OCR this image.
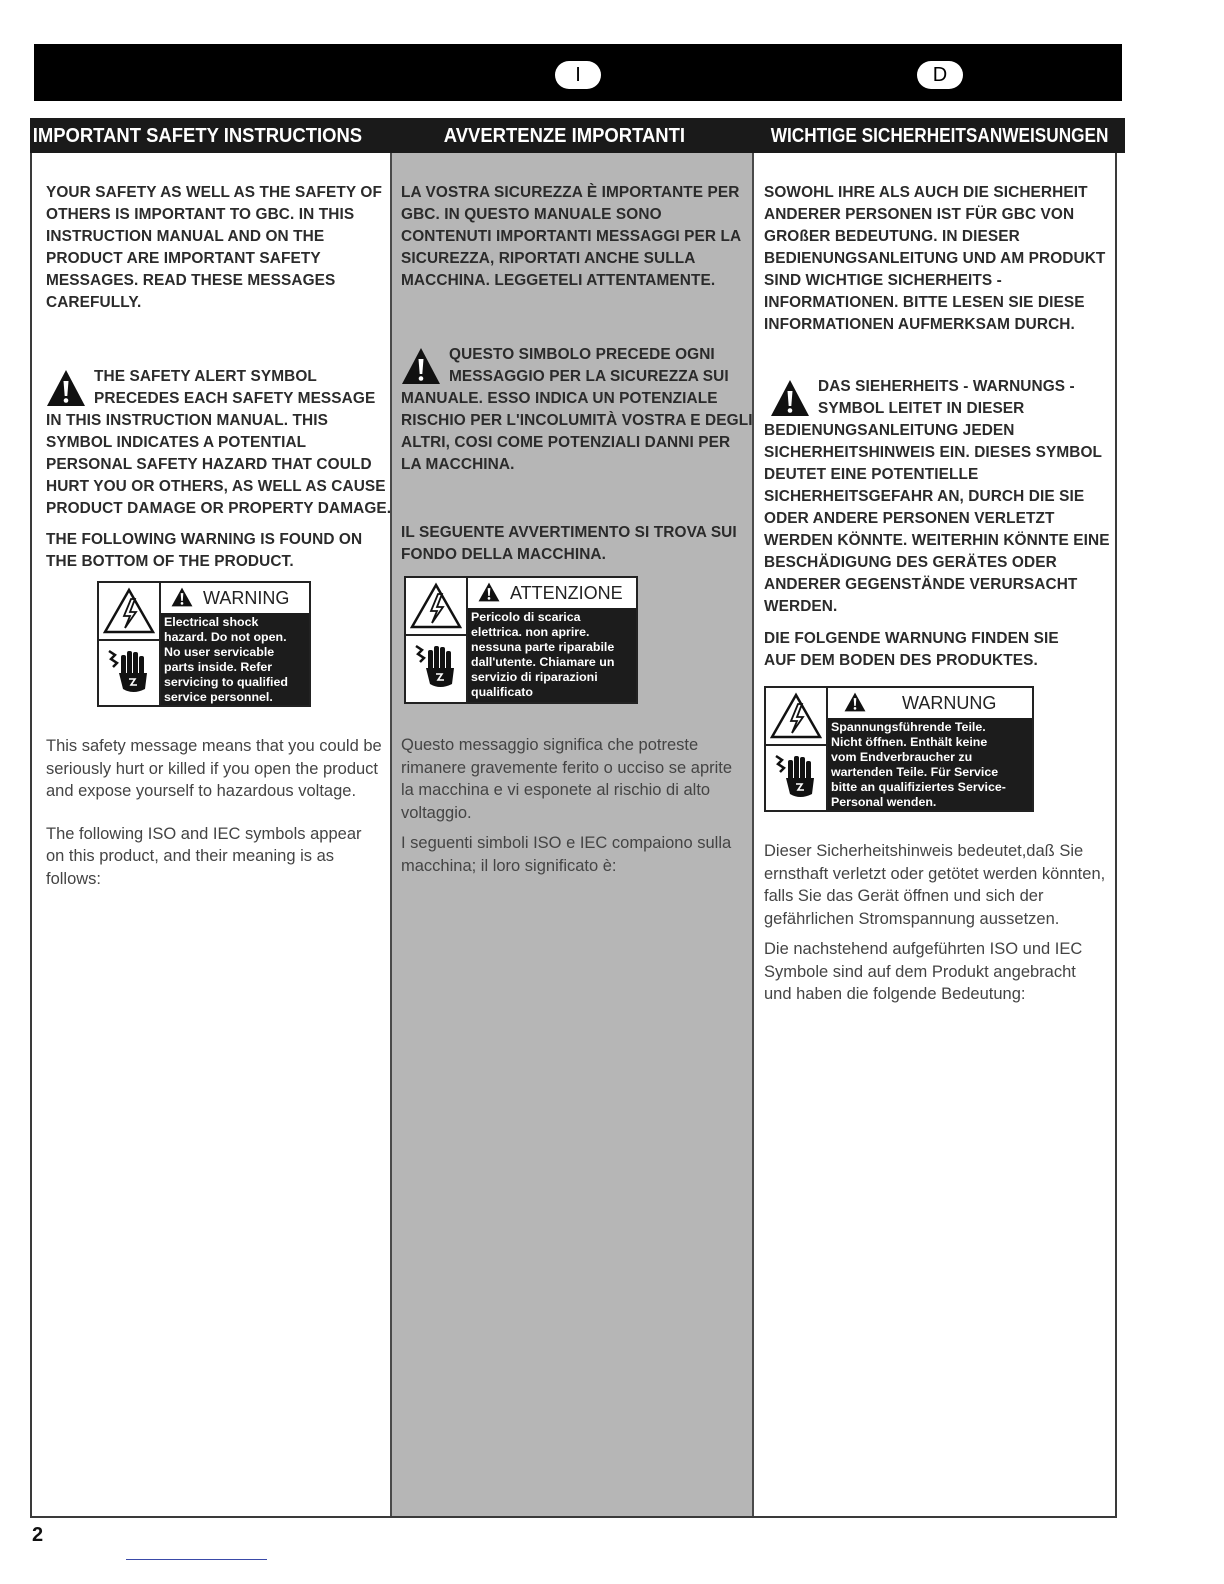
I	D
IMPORTANT SAFETY INSTRUCTIONS	AVVERTENZE IMPORTANTI	WICHTIGE SICHERHEITSANWEISUNGEN

YOUR SAFETY AS WELL AS THE SAFETY OF OTHERS IS IMPORTANT TO GBC. IN THIS INSTRUCTION MANUAL AND ON THE PRODUCT ARE IMPORTANT SAFETY MESSAGES. READ THESE MESSAGES CAREFULLY.

THE SAFETY ALERT SYMBOL PRECEDES EACH SAFETY MESSAGE IN THIS INSTRUCTION MANUAL. THIS SYMBOL INDICATES A POTENTIAL PERSONAL SAFETY HAZARD THAT COULD HURT YOU OR OTHERS, AS WELL AS CAUSE PRODUCT DAMAGE OR PROPERTY DAMAGE.

THE FOLLOWING WARNING IS FOUND ON THE BOTTOM OF THE PRODUCT.

WARNING
Electrical shock
hazard. Do not open.
No user servicable
parts inside. Refer
servicing to qualified
service personnel.

This safety message means that you could be seriously hurt or killed if you open the product and expose yourself to hazardous voltage.

The following ISO and IEC symbols appear on this product, and their meaning is as follows:

LA VOSTRA SICUREZZA È IMPORTANTE PER GBC. IN QUESTO MANUALE SONO CONTENUTI IMPORTANTI MESSAGGI PER LA SICUREZZA, RIPORTATI ANCHE SULLA MACCHINA. LEGGETELI ATTENTAMENTE.

QUESTO SIMBOLO PRECEDE OGNI MESSAGGIO PER LA SICUREZZA SUI MANUALE. ESSO INDICA UN POTENZIALE RISCHIO PER L'INCOLUMITÀ VOSTRA E DEGLI ALTRI, COSI COME POTENZIALI DANNI PER LA MACCHINA.

IL SEGUENTE AVVERTIMENTO SI TROVA SUI FONDO DELLA MACCHINA.

ATTENZIONE
Pericolo di scarica
elettrica. non aprire.
nessuna parte riparabile
dall'utente. Chiamare un
servizio di riparazioni
qualificato

Questo messaggio significa che potreste rimanere gravemente ferito o ucciso se aprite la macchina e vi esponete al rischio di alto voltaggio.

I seguenti simboli ISO e IEC compaiono sulla macchina; il loro significato è:

SOWOHL IHRE ALS AUCH DIE SICHERHEIT ANDERER PERSONEN IST FÜR GBC VON GROßER BEDEUTUNG. IN DIESER BEDIENUNGSANLEITUNG UND AM PRODUKT SIND WICHTIGE SICHERHEITS - INFORMATIONEN. BITTE LESEN SIE DIESE INFORMATIONEN AUFMERKSAM DURCH.

DAS SIEHERHEITS - WARNUNGS - SYMBOL LEITET IN DIESER BEDIENUNGSANLEITUNG JEDEN SICHERHEITSHINWEIS EIN. DIESES SYMBOL DEUTET EINE POTENTIELLE SICHERHEITSGEFAHR AN, DURCH DIE SIE ODER ANDERE PERSONEN VERLETZT WERDEN KÖNNTE. WEITERHIN KÖNNTE EINE BESCHÄDIGUNG DES GERÄTES ODER ANDERER GEGENSTÄNDE VERURSACHT WERDEN.

DIE FOLGENDE WARNUNG FINDEN SIE AUF DEM BODEN DES PRODUKTES.

WARNUNG
Spannungsführende Teile.
Nicht öffnen. Enthält keine
vom Endverbraucher zu
wartenden Teile. Für Service
bitte an qualifiziertes Service-
Personal wenden.

Dieser Sicherheitshinweis bedeutet,daß Sie ernsthaft verletzt oder getötet werden könnten, falls Sie das Gerät öffnen und sich der gefährlichen Stromspannung aussetzen.

Die nachstehend aufgeführten ISO und IEC Symbole sind auf dem Produkt angebracht und haben die folgende Bedeutung:

2
